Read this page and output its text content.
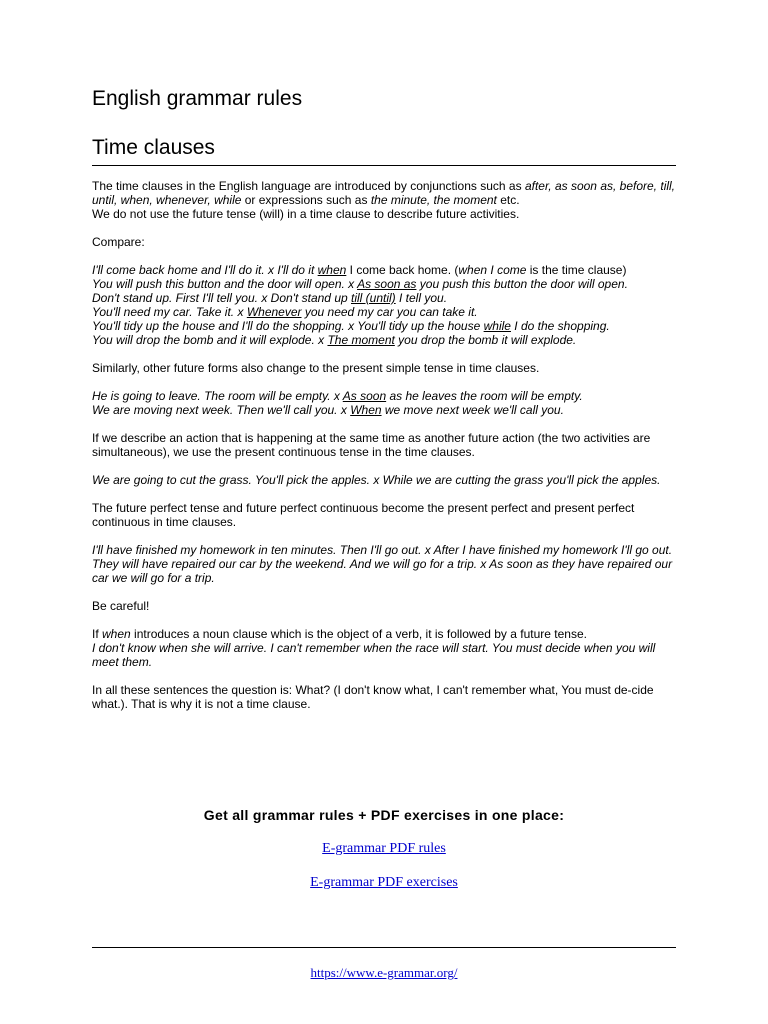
English grammar rules
Time clauses

The time clauses in the English language are introduced by conjunctions such as after, as soon as, before, till, until, when, whenever, while or expressions such as the minute, the moment etc.

We do not use the future tense (will) in a time clause to describe future activities.

Compare:

I'll come back home and I'll do it. x I'll do it when I come back home. (when I come is the time clause)

You will push this button and the door will open. x As soon as you push this button the door will open.

Don't stand up. First I'll tell you. x Don't stand up till (until) I tell you.

You'll need my car. Take it. x Whenever you need my car you can take it.

You'll tidy up the house and I'll do the shopping. x You'll tidy up the house while I do the shopping.

You will drop the bomb and it will explode. x The moment you drop the bomb it will explode.

Similarly, other future forms also change to the present simple tense in time clauses.

He is going to leave. The room will be empty. x As soon as he leaves the room will be empty.

We are moving next week. Then we'll call you. x When we move next week we'll call you.

If we describe an action that is happening at the same time as another future action (the two activities are simultaneous), we use the present continuous tense in the time clauses.

We are going to cut the grass. You'll pick the apples. x While we are cutting the grass you'll pick the apples.

The future perfect tense and future perfect continuous become the present perfect and present perfect continuous in time clauses.

I'll have finished my homework in ten minutes. Then I'll go out. x After I have finished my homework I'll go out.

They will have repaired our car by the weekend. And we will go for a trip. x As soon as they have repaired our car we will go for a trip.

Be careful!

If when introduces a noun clause which is the object of a verb, it is followed by a future tense.

I don't know when she will arrive. I can't remember when the race will start. You must decide when you will meet them.

In all these sentences the question is: What? (I don't know what, I can't remember what, You must de-cide what.). That is why it is not a time clause.

Get all grammar rules + PDF exercises in one place:
E-grammar PDF rules
E-grammar PDF exercises
https://www.e-grammar.org/
